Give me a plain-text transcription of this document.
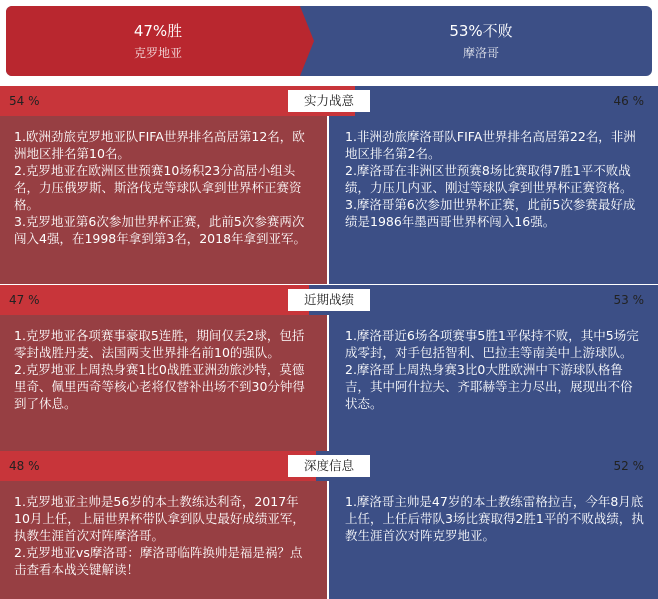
47%胜
克罗地亚
53%不败
摩洛哥
实力战意
54 %	46 %

1.欧洲劲旅克罗地亚队FIFA世界排名高居第12名，欧洲地区排名第10名。

2.克罗地亚在欧洲区世预赛10场积23分高居小组头名，力压俄罗斯、斯洛伐克等球队拿到世界杯正赛资格。

3.克罗地亚第6次参加世界杯正赛，此前5次参赛两次闯入4强，在1998年拿到第3名，2018年拿到亚军。

1.非洲劲旅摩洛哥队FIFA世界排名高居第22名，非洲地区排名第2名。

2.摩洛哥在非洲区世预赛8场比赛取得7胜1平不败战绩，力压几内亚、刚过等球队拿到世界杯正赛资格。

3.摩洛哥第6次参加世界杯正赛，此前5次参赛最好成绩是1986年墨西哥世界杯闯入16强。

近期战绩
47 %	53 %

1.克罗地亚各项赛事豪取5连胜，期间仅丢2球，包括零封战胜丹麦、法国两支世界排名前10的强队。

2.克罗地亚上周热身赛1比0战胜亚洲劲旅沙特，莫德里奇、佩里西奇等核心老将仅替补出场不到30分钟得到了休息。

1.摩洛哥近6场各项赛事5胜1平保持不败，其中5场完成零封，对手包括智利、巴拉圭等南美中上游球队。

2.摩洛哥上周热身赛3比0大胜欧洲中下游球队格鲁吉，其中阿什拉夫、齐耶赫等主力尽出，展现出不俗状态。

深度信息
48 %	52 %

1.克罗地亚主帅是56岁的本土教练达利奇，2017年10月上任，上届世界杯带队拿到队史最好成绩亚军，执教生涯首次对阵摩洛哥。

2.克罗地亚vs摩洛哥：摩洛哥临阵换帅是福是祸？点击查看本战关键解读！

1.摩洛哥主帅是47岁的本土教练雷格拉吉，今年8月底上任，上任后带队3场比赛取得2胜1平的不败战绩，执教生涯首次对阵克罗地亚。
